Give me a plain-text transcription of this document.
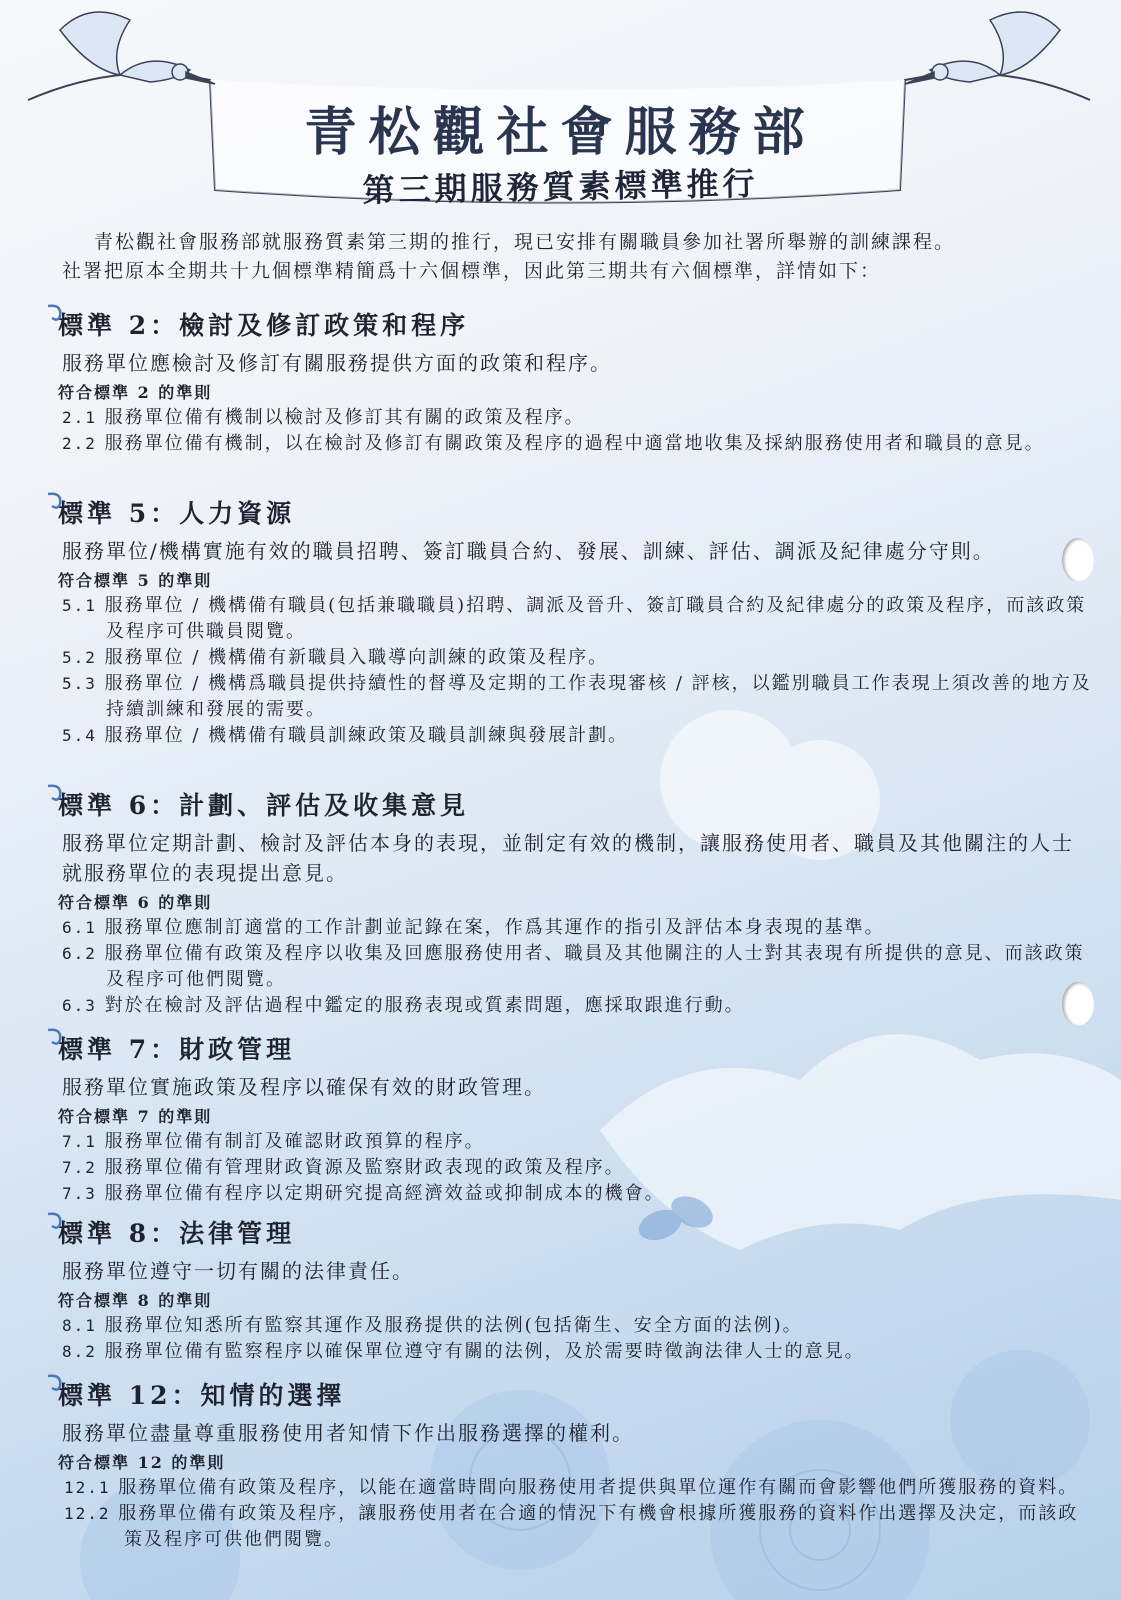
青松觀社會服務部
第三期服務質素標準推行

青松觀社會服務部就服務質素第三期的推行，現已安排有關職員參加社署所舉辦的訓練課程。
社署把原本全期共十九個標準精簡爲十六個標準，因此第三期共有六個標準，詳情如下：

標準 2：檢討及修訂政策和程序

服務單位應檢討及修訂有關服務提供方面的政策和程序。

符合標準 2 的準則
2.1 服務單位備有機制以檢討及修訂其有關的政策及程序。
2.2 服務單位備有機制，以在檢討及修訂有關政策及程序的過程中適當地收集及採納服務使用者和職員的意見。
標準 5：人力資源

服務單位/機構實施有效的職員招聘、簽訂職員合約、發展、訓練、評估、調派及紀律處分守則。

符合標準 5 的準則
5.1 服務單位 / 機構備有職員(包括兼職職員)招聘、調派及晉升、簽訂職員合約及紀律處分的政策及程序，而該政策及程序可供職員閱覽。
5.2 服務單位 / 機構備有新職員入職導向訓練的政策及程序。
5.3 服務單位 / 機構爲職員提供持續性的督導及定期的工作表現審核 / 評核，以鑑別職員工作表現上須改善的地方及持續訓練和發展的需要。
5.4 服務單位 / 機構備有職員訓練政策及職員訓練與發展計劃。
標準 6：計劃、評估及收集意見

服務單位定期計劃、檢討及評估本身的表現，並制定有效的機制，讓服務使用者、職員及其他關注的人士就服務單位的表現提出意見。

符合標準 6 的準則
6.1 服務單位應制訂適當的工作計劃並記錄在案，作爲其運作的指引及評估本身表現的基準。
6.2 服務單位備有政策及程序以收集及回應服務使用者、職員及其他關注的人士對其表現有所提供的意見、而該政策及程序可他們閱覽。
6.3 對於在檢討及評估過程中鑑定的服務表現或質素問題，應採取跟進行動。
標準 7：財政管理

服務單位實施政策及程序以確保有效的財政管理。

符合標準 7 的準則
7.1 服務單位備有制訂及確認財政預算的程序。
7.2 服務單位備有管理財政資源及監察財政表现的政策及程序。
7.3 服務單位備有程序以定期研究提高經濟效益或抑制成本的機會。
標準 8：法律管理

服務單位遵守一切有關的法律責任。

符合標準 8 的準則
8.1 服務單位知悉所有監察其運作及服務提供的法例(包括衛生、安全方面的法例)。
8.2 服務單位備有監察程序以確保單位遵守有關的法例，及於需要時徵詢法律人士的意見。
標準 12：知情的選擇

服務單位盡量尊重服務使用者知情下作出服務選擇的權利。

符合標準 12 的準則
12.1 服務單位備有政策及程序，以能在適當時間向服務使用者提供與單位運作有關而會影響他們所獲服務的資料。
12.2 服務單位備有政策及程序，讓服務使用者在合適的情況下有機會根據所獲服務的資料作出選擇及決定，而該政策及程序可供他們閱覽。
